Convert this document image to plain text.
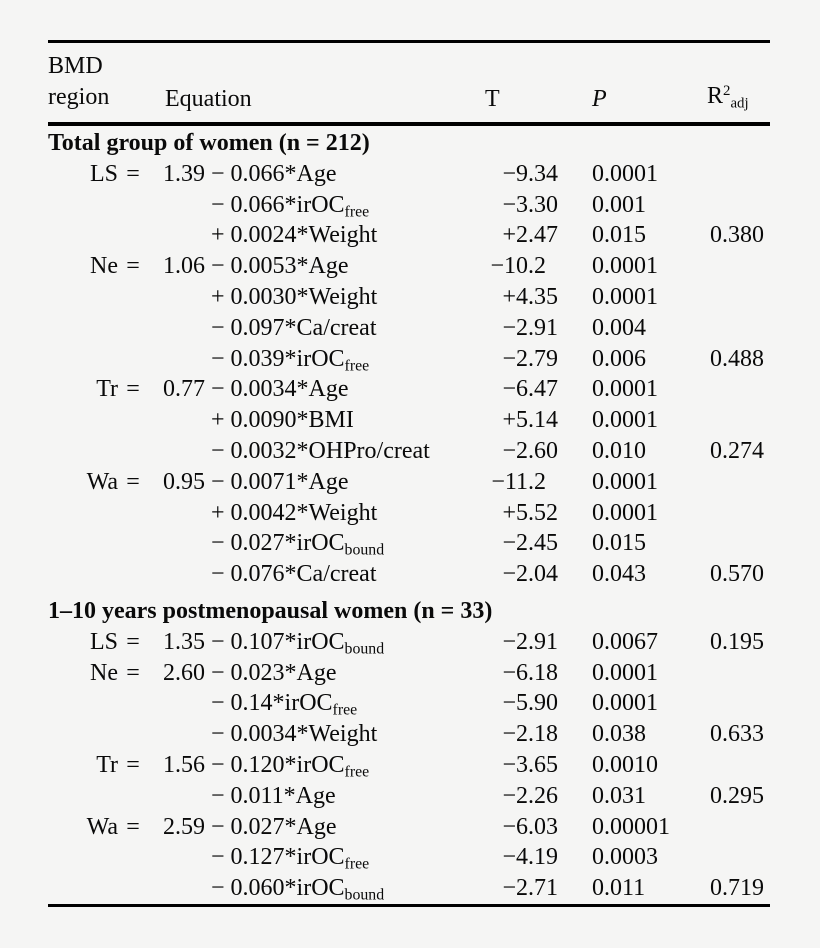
BMD
region Equation	T	P	$R^2adj$
Total group of women (n = 212)
LS = 1.39 − 0.066*Age	−9 .34	0.0001
− 0.066*irOC$_{free}$	−3 .30	0.001
+ 0.0024*Weight	+2 .47	0.015	0.380
Ne = 1.06 − 0.0053*Age	−10 .2	0.0001
+ 0.0030*Weight	+4 .35	0.0001
− 0.097*Ca/creat	−2 .91	0.004
− 0.039*irOC$_{free}$	−2 .79	0.006	0.488
Tr = 0.77 − 0.0034*Age	−6 .47	0.0001
+ 0.0090*BMI	+5 .14	0.0001
− 0.0032*OHPro/creat	−2 .60	0.010	0.274
Wa = 0.95 − 0.0071*Age	−11 .2	0.0001
+ 0.0042*Weight	+5 .52	0.0001
− 0.027*irOC$_{bound}$	−2 .45	0.015
− 0.076*Ca/creat	−2 .04	0.043	0.570
1–10 years postmenopausal women (n = 33)
LS = 1.35 − 0.107*irOC$_{bound}$	−2 .91	0.0067	0.195
Ne = 2.60 − 0.023*Age	−6 .18	0.0001
− 0.14*irOC$_{free}$	−5 .90	0.0001
− 0.0034*Weight	−2 .18	0.038	0.633
Tr = 1.56 − 0.120*irOC$_{free}$	−3 .65	0.0010
− 0.011*Age	−2 .26	0.031	0.295
Wa = 2.59 − 0.027*Age	−6 .03	0.00001
− 0.127*irOC$_{free}$	−4 .19	0.0003
− 0.060*irOC$_{bound}$	−2 .71	0.011	0.719
